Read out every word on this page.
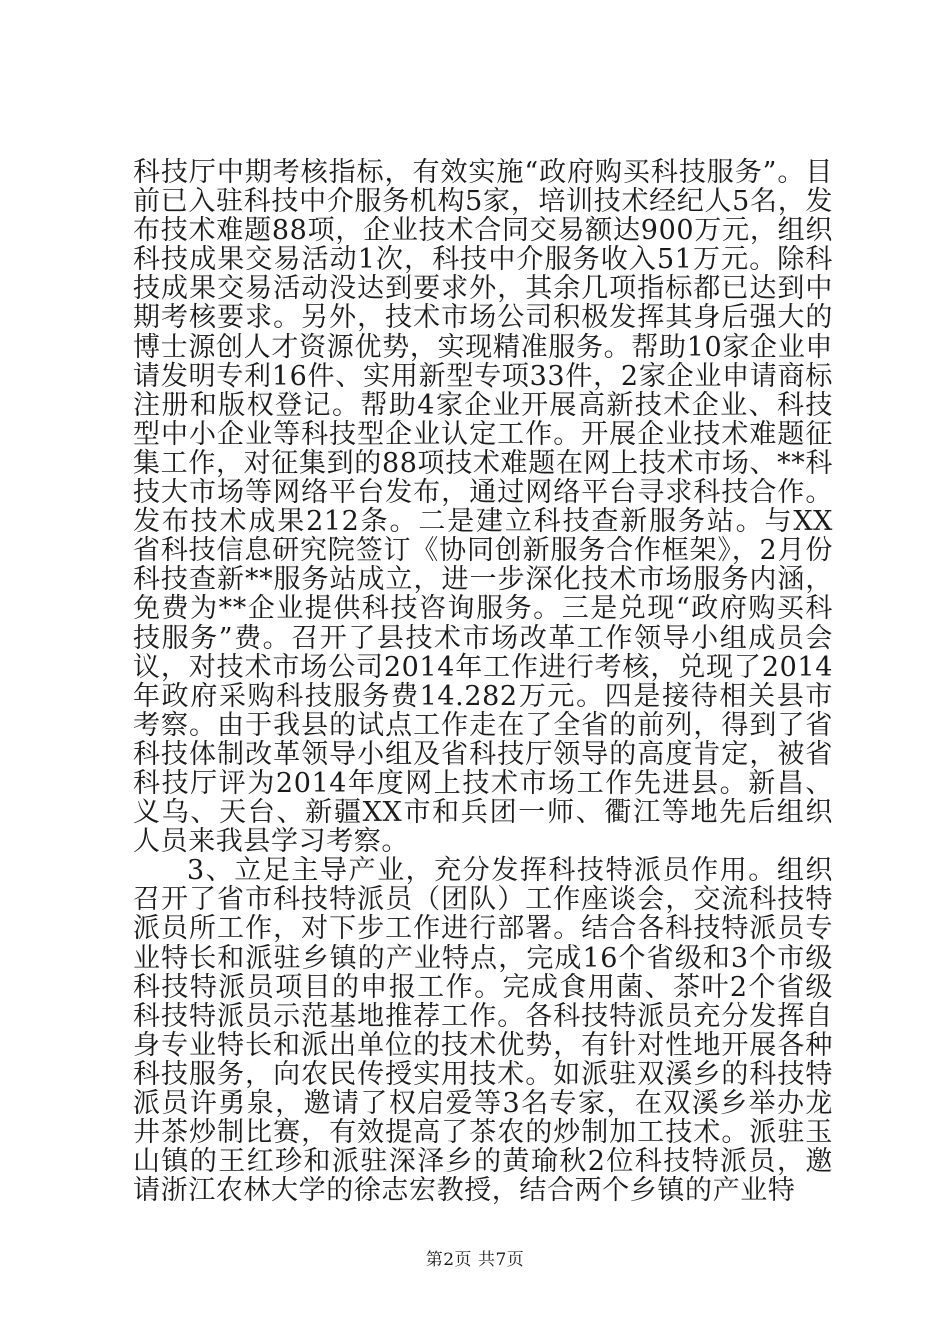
科技厅中期考核指标，有效实施“政府购买科技服务”。目前已入驻科技中介服务机构5家，培训技术经纪人5名，发布技术难题88项，企业技术合同交易额达900万元，组织科技成果交易活动1次，科技中介服务收入51万元。除科技成果交易活动没达到要求外，其余几项指标都已达到中期考核要求。另外，技术市场公司积极发挥其身后强大的博士源创人才资源优势，实现精准服务。帮助10家企业申请发明专利16件、实用新型专项33件，2家企业申请商标注册和版权登记。帮助4家企业开展高新技术企业、科技型中小企业等科技型企业认定工作。开展企业技术难题征集工作，对征集到的88项技术难题在网上技术市场、**科技大市场等网络平台发布，通过网络平台寻求科技合作。发布技术成果212条。二是建立科技查新服务站。与XX省科技信息研究院签订《协同创新服务合作框架》，2月份科技查新**服务站成立，进一步深化技术市场服务内涵，免费为**企业提供科技咨询服务。三是兑现“政府购买科技服务”费。召开了县技术市场改革工作领导小组成员会议，对技术市场公司2014年工作进行考核，兑现了2014年政府采购科技服务费14.282万元。四是接待相关县市考察。由于我县的试点工作走在了全省的前列，得到了省科技体制改革领导小组及省科技厅领导的高度肯定，被省科技厅评为2014年度网上技术市场工作先进县。新昌、义乌、天台、新疆XX市和兵团一师、衢江等地先后组织人员来我县学习考察。

3、立足主导产业，充分发挥科技特派员作用。组织召开了省市科技特派员（团队）工作座谈会，交流科技特派员所工作，对下步工作进行部署。结合各科技特派员专业特长和派驻乡镇的产业特点，完成16个省级和3个市级科技特派员项目的申报工作。完成食用菌、茶叶2个省级科技特派员示范基地推荐工作。各科技特派员充分发挥自身专业特长和派出单位的技术优势，有针对性地开展各种科技服务，向农民传授实用技术。如派驻双溪乡的科技特派员许勇泉，邀请了权启爱等3名专家，在双溪乡举办龙井茶炒制比赛，有效提高了茶农的炒制加工技术。派驻玉山镇的王红珍和派驻深泽乡的黄瑜秋2位科技特派员，邀请浙江农林大学的徐志宏教授，结合两个乡镇的产业特

第2页 共7页
